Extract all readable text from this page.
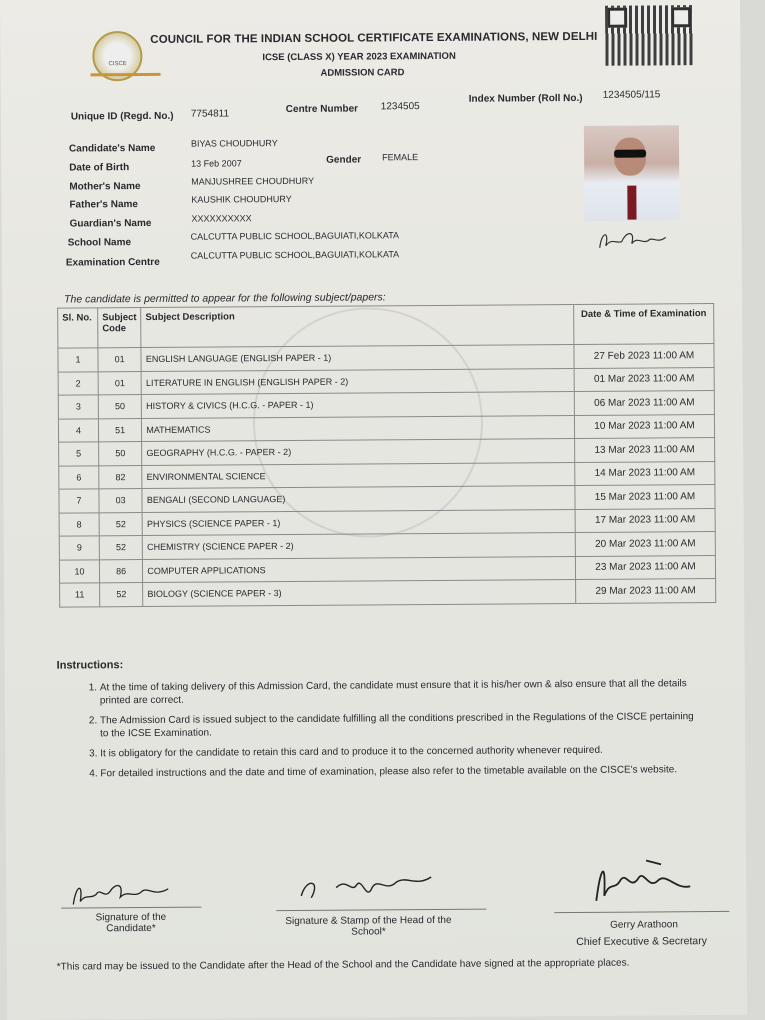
CISCE
COUNCIL FOR THE INDIAN SCHOOL CERTIFICATE EXAMINATIONS, NEW DELHI
ICSE (CLASS X) YEAR 2023 EXAMINATION
ADMISSION CARD
Unique ID (Regd. No.) 7754811	Centre Number 1234505
Index Number (Roll No.) 1234505/115
Candidate's Name	BIYAS CHOUDHURY
Date of Birth	13 Feb 2007	Gender FEMALE
Mother's Name	MANJUSHREE CHOUDHURY
Father's Name	KAUSHIK CHOUDHURY
Guardian's Name	XXXXXXXXXX
School Name
CALCUTTA PUBLIC SCHOOL,BAGUIATI,KOLKATA
Examination Centre
CALCUTTA PUBLIC SCHOOL,BAGUIATI,KOLKATA

The candidate is permitted to appear for the following subject/papers:
Sl. No.	Subject Code	Subject Description	Date & Time of Examination
1	01	ENGLISH LANGUAGE (ENGLISH PAPER - 1)	27 Feb 2023 11:00 AM
2	01	LITERATURE IN ENGLISH (ENGLISH PAPER - 2)	01 Mar 2023 11:00 AM
3	50	HISTORY & CIVICS (H.C.G. - PAPER - 1)	06 Mar 2023 11:00 AM
4	51	MATHEMATICS	10 Mar 2023 11:00 AM
5	50	GEOGRAPHY (H.C.G. - PAPER - 2)	13 Mar 2023 11:00 AM
6	82	ENVIRONMENTAL SCIENCE	14 Mar 2023 11:00 AM
7	03	BENGALI (SECOND LANGUAGE)	15 Mar 2023 11:00 AM
8	52	PHYSICS (SCIENCE PAPER - 1)	17 Mar 2023 11:00 AM
9	52	CHEMISTRY (SCIENCE PAPER - 2)	20 Mar 2023 11:00 AM
10	86	COMPUTER APPLICATIONS	23 Mar 2023 11:00 AM
11	52	BIOLOGY (SCIENCE PAPER - 3)	29 Mar 2023 11:00 AM
Instructions:
1. At the time of taking delivery of this Admission Card, the candidate must ensure that it is his/her own & also ensure that all the details printed are correct.
2. The Admission Card is issued subject to the candidate fulfilling all the conditions prescribed in the Regulations of the CISCE pertaining to the ICSE Examination.
3. It is obligatory for the candidate to retain this card and to produce it to the concerned authority whenever required.
4. For detailed instructions and the date and time of examination, please also refer to the timetable available on the CISCE's website.
Signature of the Candidate*
Signature & Stamp of the Head of the School*
Gerry Arathoon
Chief Executive & Secretary
*This card may be issued to the Candidate after the Head of the School and the Candidate have signed at the appropriate places.
